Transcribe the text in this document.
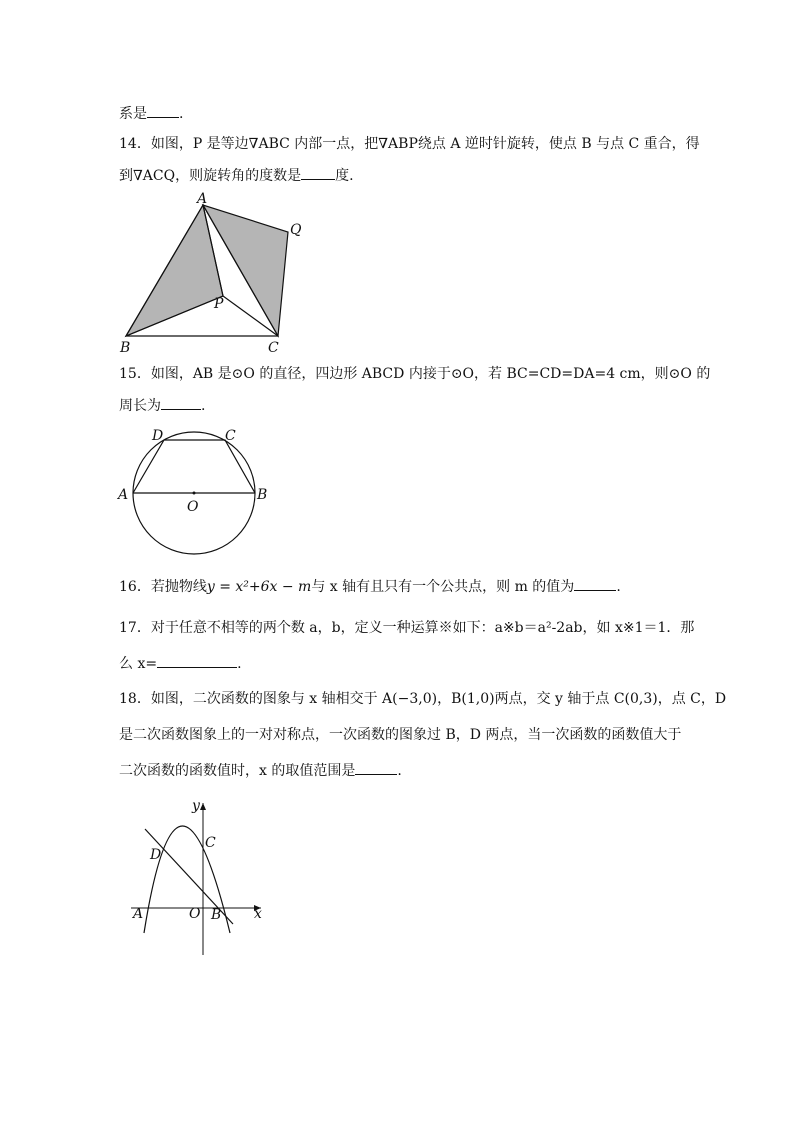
系是 .
14．如图，P 是等边∇ABC 内部一点，把∇ABP绕点 A 逆时针旋转，使点 B 与点 C 重合，得
到∇ACQ，则旋转角的度数是 度.
A
Q
P
B	C
15．如图，AB 是⊙O 的直径，四边形 ABCD 内接于⊙O，若 BC=CD=DA=4 cm，则⊙O 的
周长为	.
D	C
A	B
O
16．若抛物线y = x²+6x − m与 x 轴有且只有一个公共点，则 m 的值为	.
17．对于任意不相等的两个数 a，b，定义一种运算※如下：a※b＝a²-2ab，如 x※1＝1．那
么 x=	.
18．如图，二次函数的图象与 x 轴相交于 A(−3,0)，B(1,0)两点，交 y 轴于点 C(0,3)，点 C，D
是二次函数图象上的一对对称点，一次函数的图象过 B，D 两点，当一次函数的函数值大于
二次函数的函数值时，x 的取值范围是	.
y
C
D
A	O B x
